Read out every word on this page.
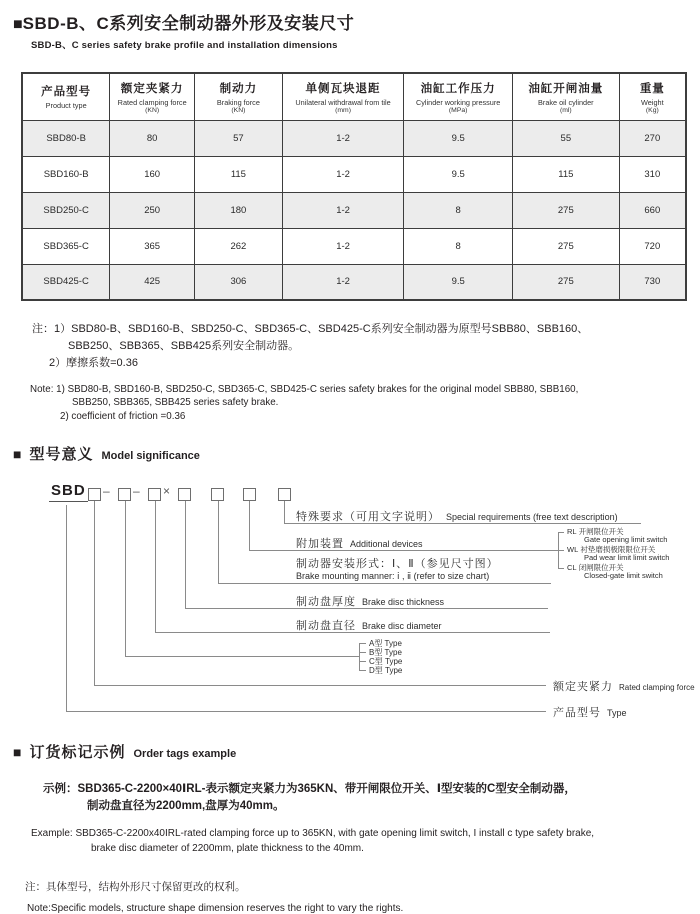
■ SBD-B、C系列安全制动器外形及安装尺寸
SBD-B、C series safety brake profile and installation dimensions
产品型号
Product type

额定夹紧力
Rated clamping force
(KN)

制动力
Braking force
(KN)

单侧瓦块退距
Unilateral withdrawal from tile
(mm)

油缸工作压力
Cylinder working pressure
(MPa)

油缸开闸油量
Brake oil cylinder
(ml)

重量
Weight
(Kg)

SBD80-B	80	57	1-2	9.5	55	270
SBD160-B	160	115	1-2	9.5	115	310
SBD250-C	250	180	1-2	8	275	660
SBD365-C	365	262	1-2	8	275	720
SBD425-C	425	306	1-2	9.5	275	730
注：1）SBD80-B、SBD160-B、SBD250-C、SBD365-C、SBD425-C系列安全制动器为原型号SBB80、SBB160、
SBB250、SBB365、SBB425系列安全制动器。
2）摩擦系数=0.36
Note: 1) SBD80-B, SBD160-B, SBD250-C, SBD365-C, SBD425-C series safety brakes for the original model SBB80, SBB160,
SBB250, SBB365, SBB425 series safety brake.
2) coefficient of friction =0.36
■ 型号意义 Model significance
SBD – – ×
特殊要求（可用文字说明） Special requirements (free text description)
附加装置 Additional devices
制动器安装形式：Ⅰ、Ⅱ（参见尺寸图）
Brake mounting manner: ⅰ , ⅱ (refer to size chart)
制动盘厚度 Brake disc thickness
制动盘直径 Brake disc diameter
额定夹紧力 Rated clamping force
产品型号 Type
A型 Type
B型 Type
C型 Type
D型 Type
RL 开闸限位开关
Gate opening limit switch
WL 衬垫磨损极限限位开关
Pad wear limit limit switch
CL 闭闸限位开关
Closed-gate limit switch
■ 订货标记示例 Order tags example
示例：SBD365-C-2200×40ⅠRL-表示额定夹紧力为365KN、带开闸限位开关、Ⅰ型安装的C型安全制动器，
制动盘直径为2200mm,盘厚为40mm。
Example: SBD365-C-2200x40IRL-rated clamping force up to 365KN, with gate opening limit switch, I install c type safety brake,
brake disc diameter of 2200mm, plate thickness to the 40mm.
注：具体型号，结构外形尺寸保留更改的权利。
Note:Specific models, structure shape dimension reserves the right to vary the rights.
